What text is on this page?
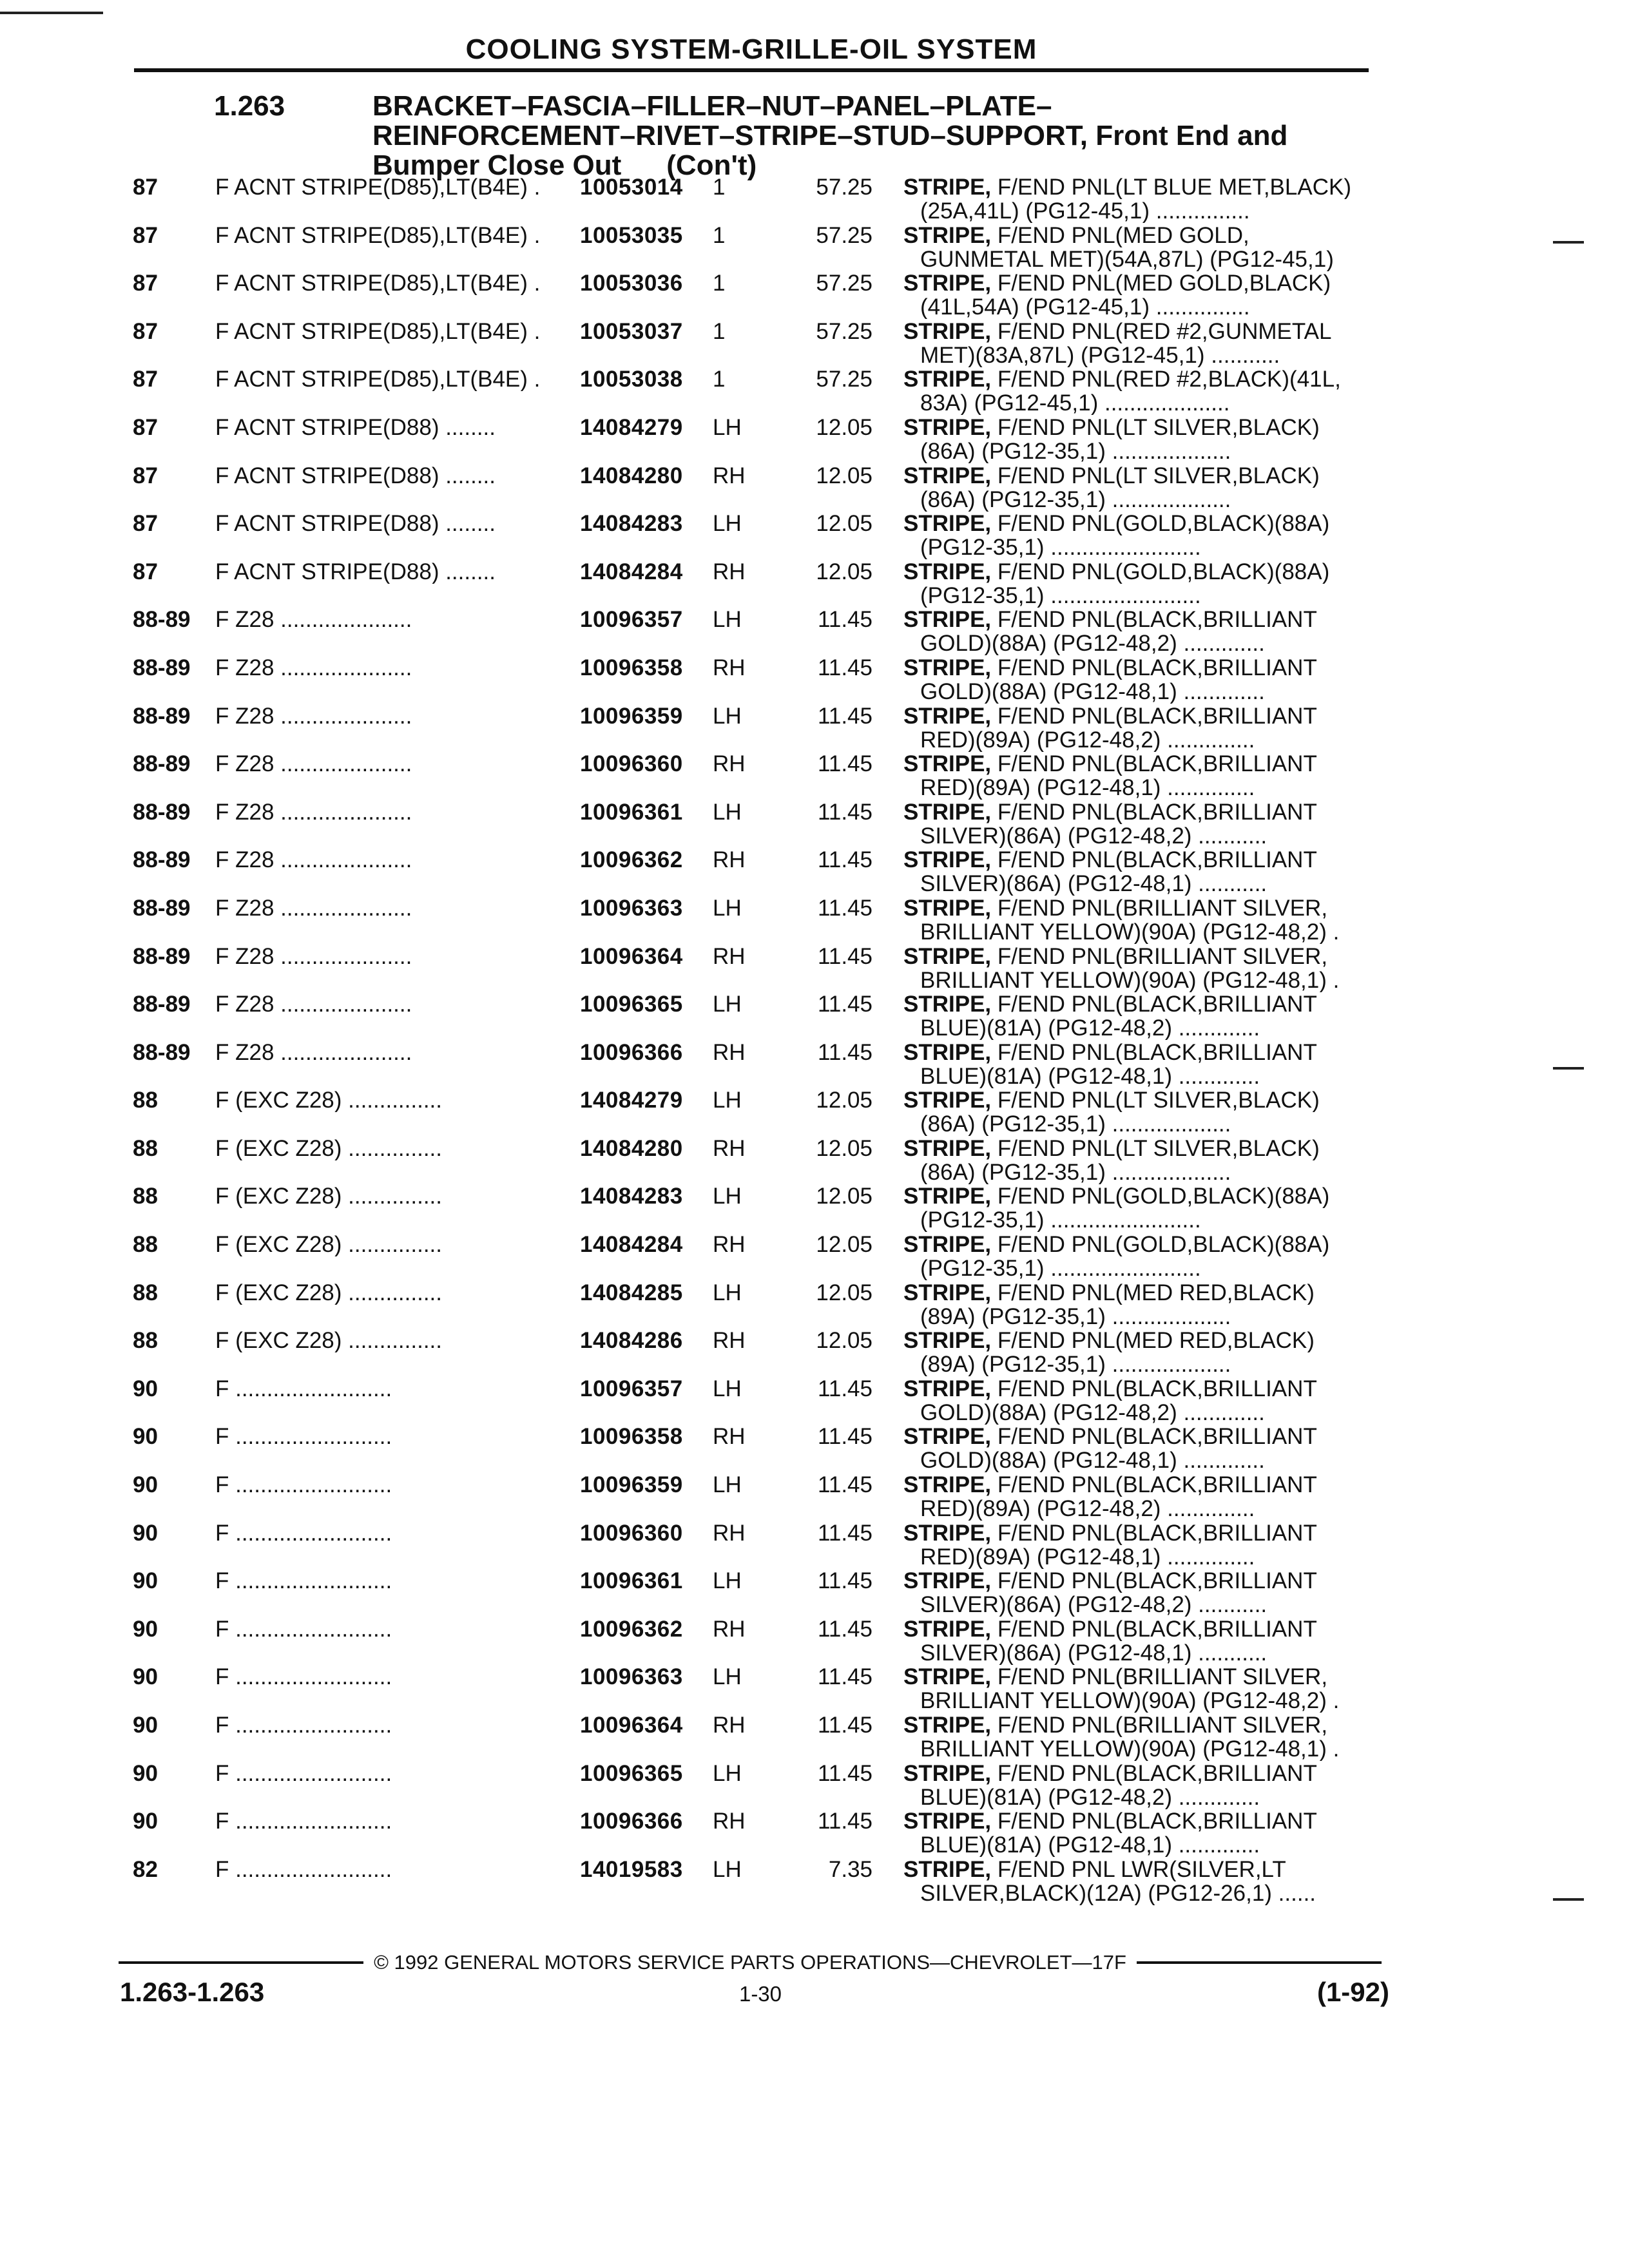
COOLING SYSTEM-GRILLE-OIL SYSTEM
1.263	BRACKET–FASCIA–FILLER–NUT–PANEL–PLATE–
REINFORCEMENT–RIVET–STRIPE–STUD–SUPPORT, Front End and
Bumper Close Out (Con't)
87	F ACNT STRIPE(D85),LT(B4E) .	10053014 1	57.25 STRIPE, F/END PNL(LT BLUE MET,BLACK)
(25A,41L) (PG12-45,1) ...............
87	F ACNT STRIPE(D85),LT(B4E) .	10053035 1	57.25 STRIPE, F/END PNL(MED GOLD,
GUNMETAL MET)(54A,87L) (PG12-45,1)
87	F ACNT STRIPE(D85),LT(B4E) .	10053036 1	57.25 STRIPE, F/END PNL(MED GOLD,BLACK)
(41L,54A) (PG12-45,1) ...............
87	F ACNT STRIPE(D85),LT(B4E) .	10053037 1	57.25 STRIPE, F/END PNL(RED #2,GUNMETAL
MET)(83A,87L) (PG12-45,1) ...........
87	F ACNT STRIPE(D85),LT(B4E) .	10053038 1	57.25 STRIPE, F/END PNL(RED #2,BLACK)(41L,
83A) (PG12-45,1) ....................
87	F ACNT STRIPE(D88) ........	14084279 LH	12.05 STRIPE, F/END PNL(LT SILVER,BLACK)
(86A) (PG12-35,1) ...................
87	F ACNT STRIPE(D88) ........	14084280 RH	12.05 STRIPE, F/END PNL(LT SILVER,BLACK)
(86A) (PG12-35,1) ...................
87	F ACNT STRIPE(D88) ........	14084283 LH	12.05 STRIPE, F/END PNL(GOLD,BLACK)(88A)
(PG12-35,1) ........................
87	F ACNT STRIPE(D88) ........	14084284 RH	12.05 STRIPE, F/END PNL(GOLD,BLACK)(88A)
(PG12-35,1) ........................
88-89 F Z28 .....................	10096357 LH	11.45 STRIPE, F/END PNL(BLACK,BRILLIANT
GOLD)(88A) (PG12-48,2) .............
88-89 F Z28 .....................	10096358 RH	11.45 STRIPE, F/END PNL(BLACK,BRILLIANT
GOLD)(88A) (PG12-48,1) .............
88-89 F Z28 .....................	10096359 LH	11.45 STRIPE, F/END PNL(BLACK,BRILLIANT
RED)(89A) (PG12-48,2) ..............
88-89 F Z28 .....................	10096360 RH	11.45 STRIPE, F/END PNL(BLACK,BRILLIANT
RED)(89A) (PG12-48,1) ..............
88-89 F Z28 .....................	10096361 LH	11.45 STRIPE, F/END PNL(BLACK,BRILLIANT
SILVER)(86A) (PG12-48,2) ...........
88-89 F Z28 .....................	10096362 RH	11.45 STRIPE, F/END PNL(BLACK,BRILLIANT
SILVER)(86A) (PG12-48,1) ...........
88-89 F Z28 .....................	10096363 LH	11.45 STRIPE, F/END PNL(BRILLIANT SILVER,
BRILLIANT YELLOW)(90A) (PG12-48,2) .
88-89 F Z28 .....................	10096364 RH	11.45 STRIPE, F/END PNL(BRILLIANT SILVER,
BRILLIANT YELLOW)(90A) (PG12-48,1) .
88-89 F Z28 .....................	10096365 LH	11.45 STRIPE, F/END PNL(BLACK,BRILLIANT
BLUE)(81A) (PG12-48,2) .............
88-89 F Z28 .....................	10096366 RH	11.45 STRIPE, F/END PNL(BLACK,BRILLIANT
BLUE)(81A) (PG12-48,1) .............
88	F (EXC Z28) ...............	14084279 LH	12.05 STRIPE, F/END PNL(LT SILVER,BLACK)
(86A) (PG12-35,1) ...................
88	F (EXC Z28) ...............	14084280 RH	12.05 STRIPE, F/END PNL(LT SILVER,BLACK)
(86A) (PG12-35,1) ...................
88	F (EXC Z28) ...............	14084283 LH	12.05 STRIPE, F/END PNL(GOLD,BLACK)(88A)
(PG12-35,1) ........................
88	F (EXC Z28) ...............	14084284 RH	12.05 STRIPE, F/END PNL(GOLD,BLACK)(88A)
(PG12-35,1) ........................
88	F (EXC Z28) ...............	14084285 LH	12.05 STRIPE, F/END PNL(MED RED,BLACK)
(89A) (PG12-35,1) ...................
88	F (EXC Z28) ...............	14084286 RH	12.05 STRIPE, F/END PNL(MED RED,BLACK)
(89A) (PG12-35,1) ...................
90	F .........................	10096357 LH	11.45 STRIPE, F/END PNL(BLACK,BRILLIANT
GOLD)(88A) (PG12-48,2) .............
90	F .........................	10096358 RH	11.45 STRIPE, F/END PNL(BLACK,BRILLIANT
GOLD)(88A) (PG12-48,1) .............
90	F .........................	10096359 LH	11.45 STRIPE, F/END PNL(BLACK,BRILLIANT
RED)(89A) (PG12-48,2) ..............
90	F .........................	10096360 RH	11.45 STRIPE, F/END PNL(BLACK,BRILLIANT
RED)(89A) (PG12-48,1) ..............
90	F .........................	10096361 LH	11.45 STRIPE, F/END PNL(BLACK,BRILLIANT
SILVER)(86A) (PG12-48,2) ...........
90	F .........................	10096362 RH	11.45 STRIPE, F/END PNL(BLACK,BRILLIANT
SILVER)(86A) (PG12-48,1) ...........
90	F .........................	10096363 LH	11.45 STRIPE, F/END PNL(BRILLIANT SILVER,
BRILLIANT YELLOW)(90A) (PG12-48,2) .
90	F .........................	10096364 RH	11.45 STRIPE, F/END PNL(BRILLIANT SILVER,
BRILLIANT YELLOW)(90A) (PG12-48,1) .
90	F .........................	10096365 LH	11.45 STRIPE, F/END PNL(BLACK,BRILLIANT
BLUE)(81A) (PG12-48,2) .............
90	F .........................	10096366 RH	11.45 STRIPE, F/END PNL(BLACK,BRILLIANT
BLUE)(81A) (PG12-48,1) .............
82	F .........................	14019583 LH	7.35 STRIPE, F/END PNL LWR(SILVER,LT
SILVER,BLACK)(12A) (PG12-26,1) ......
© 1992 GENERAL MOTORS SERVICE PARTS OPERATIONS—CHEVROLET—17F
1.263-1.263	1-30	(1-92)
